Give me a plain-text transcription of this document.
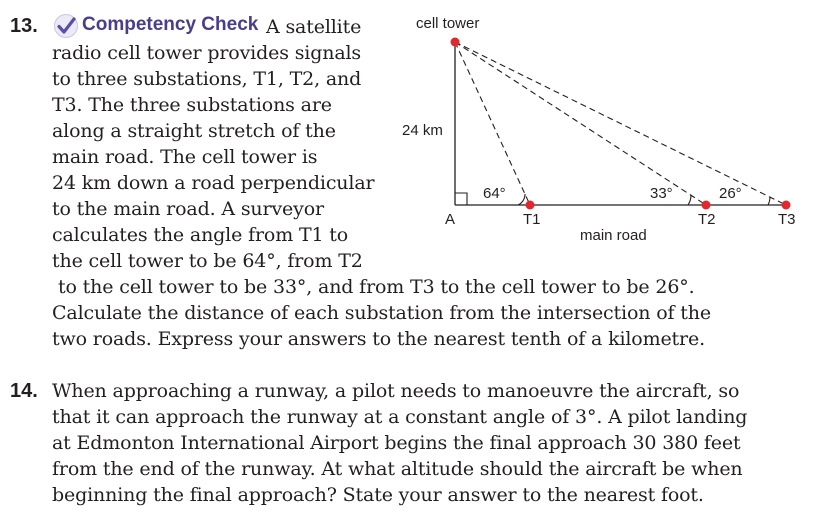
13. Competency Check A satellite
radio cell tower provides signals
to three substations, T1, T2, and
T3. The three substations are
along a straight stretch of the
main road. The cell tower is
24 km down a road perpendicular
to the main road. A surveyor
calculates the angle from T1 to
the cell tower to be 64°, from T2
to the cell tower to be 33°, and from T3 to the cell tower to be 26°.
Calculate the distance of each substation from the intersection of the
two roads. Express your answers to the nearest tenth of a kilometre.
cell tower
24 km
64°	33°	26°
A	T1	T2	T3
main road
14. When approaching a runway, a pilot needs to manoeuvre the aircraft, so
that it can approach the runway at a constant angle of 3°. A pilot landing
at Edmonton International Airport begins the final approach 30 380 feet
from the end of the runway. At what altitude should the aircraft be when
beginning the final approach? State your answer to the nearest foot.
